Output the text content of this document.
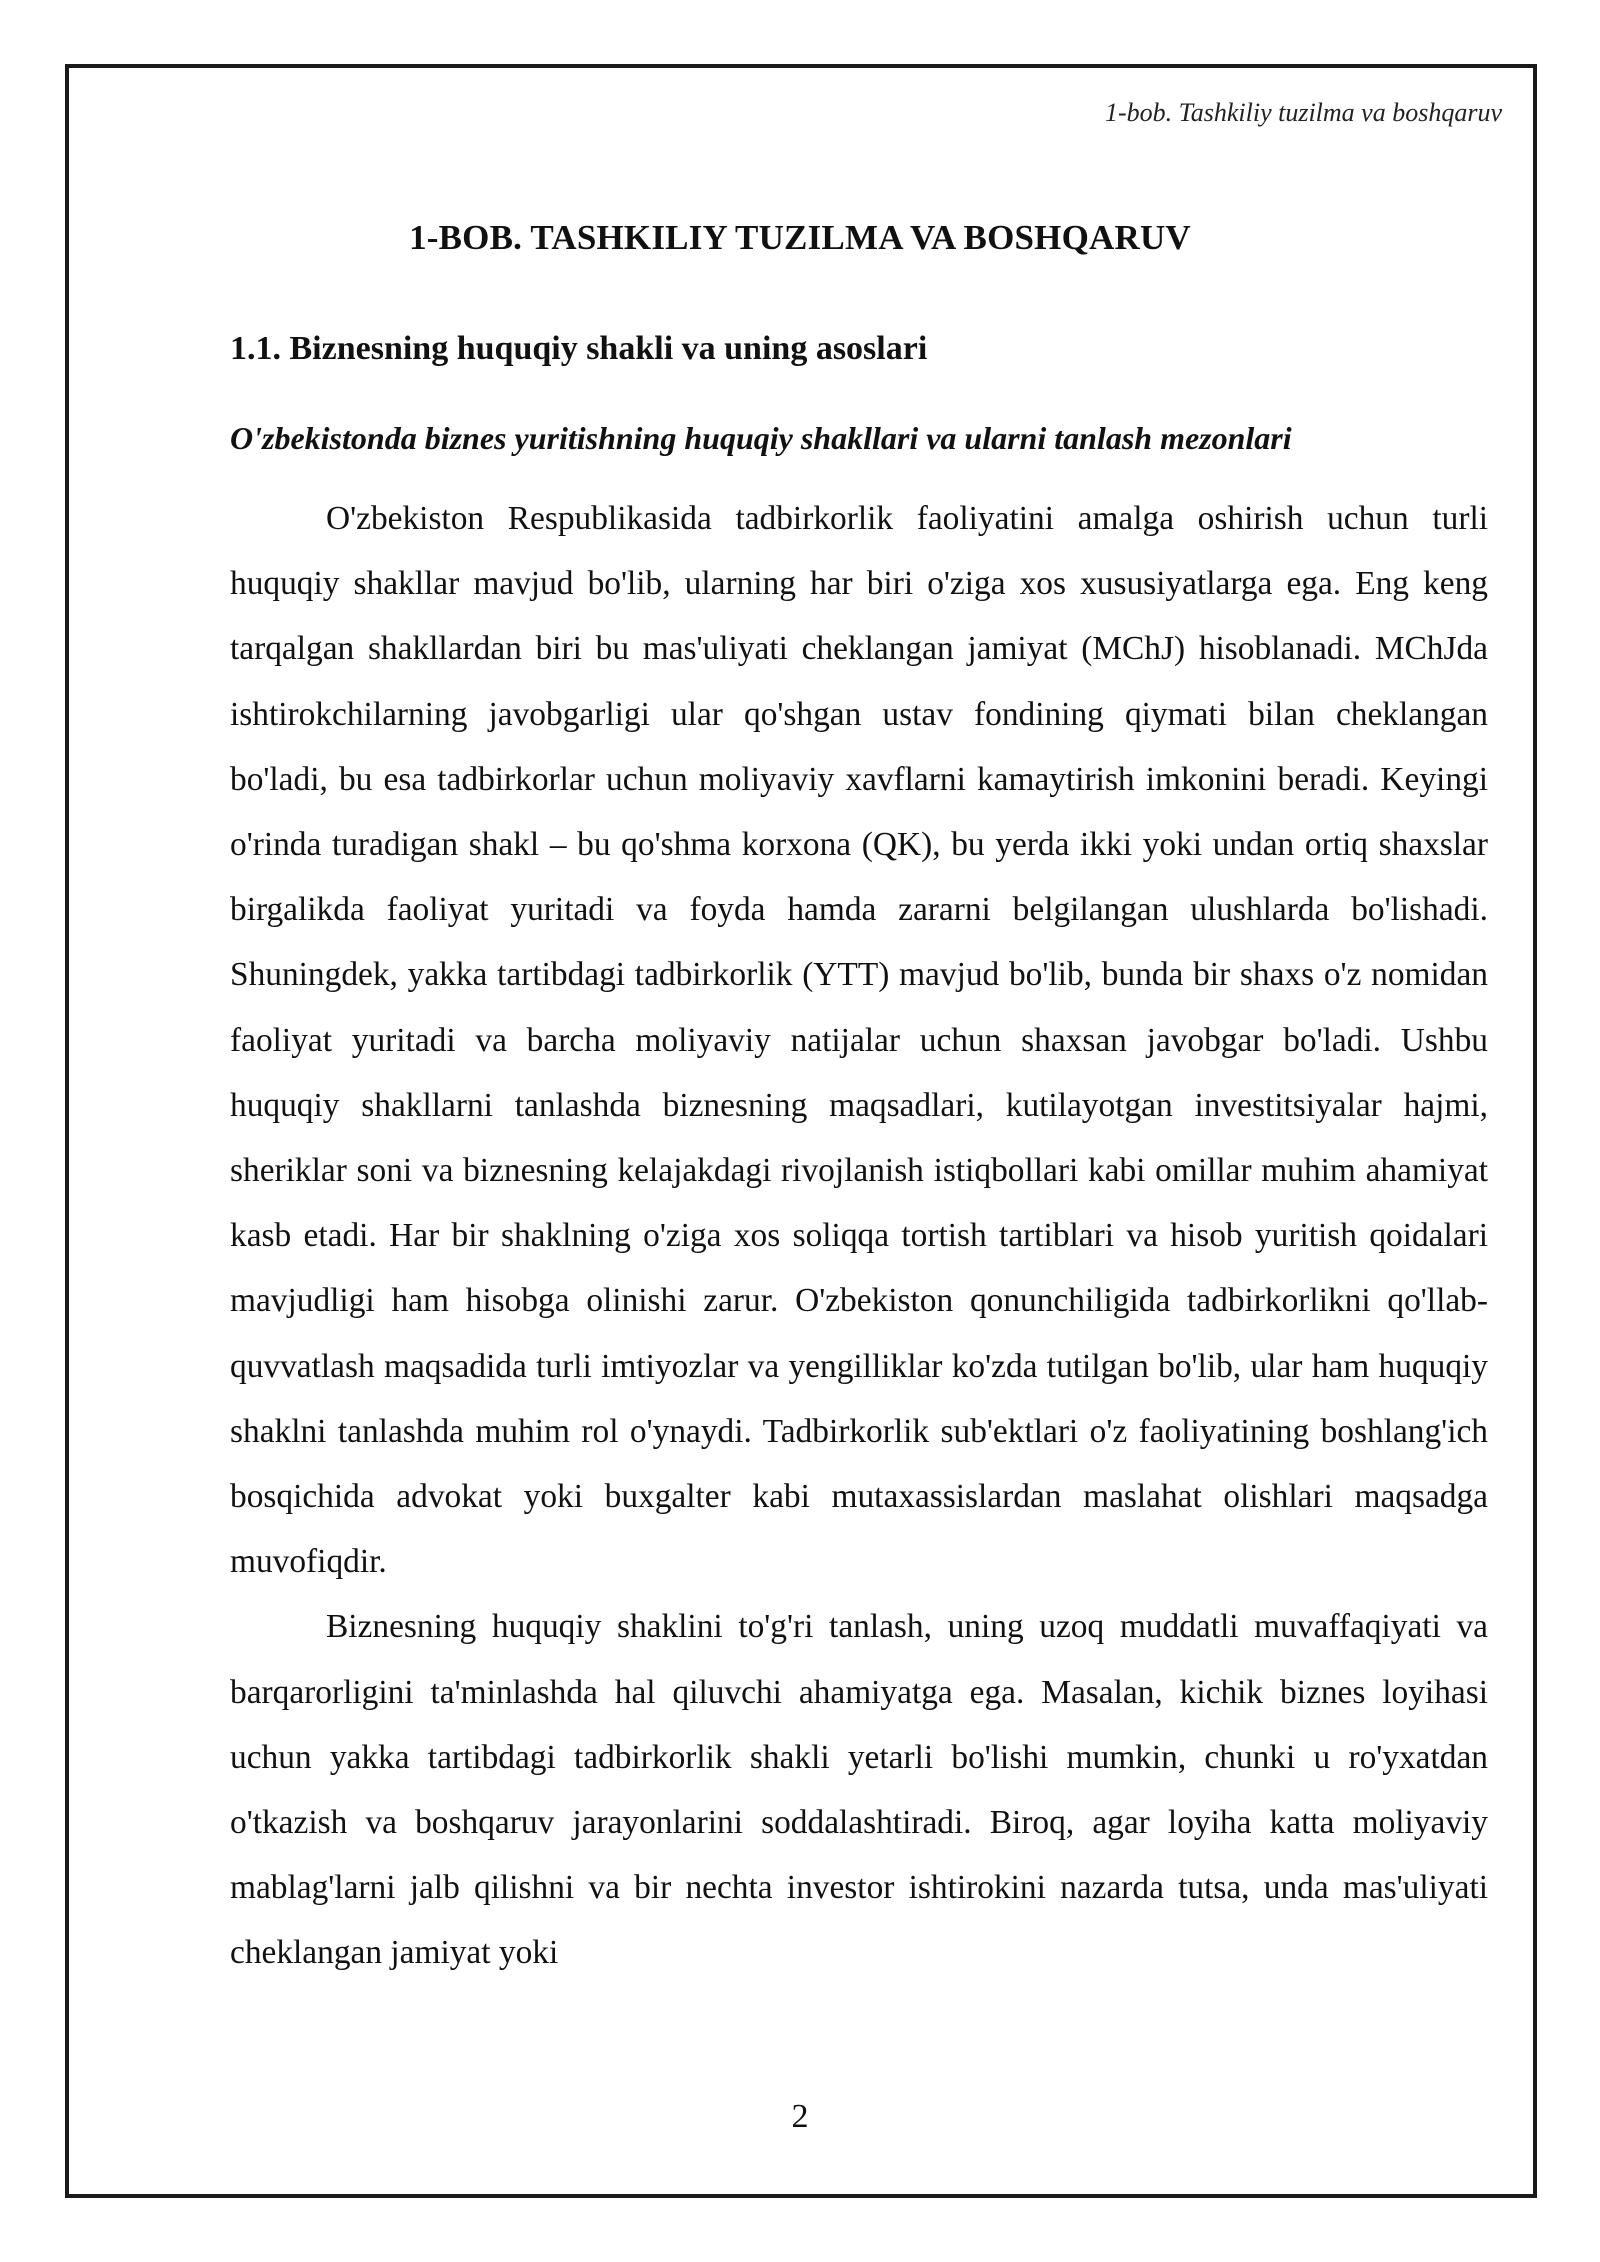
1-bob. Tashkiliy tuzilma va boshqaruv
1-BOB. TASHKILIY TUZILMA VA BOSHQARUV
1.1. Biznesning huquqiy shakli va uning asoslari
O'zbekistonda biznes yuritishning huquqiy shakllari va ularni tanlash mezonlari

O'zbekiston Respublikasida tadbirkorlik faoliyatini amalga oshirish uchun turli huquqiy shakllar mavjud bo'lib, ularning har biri o'ziga xos xususiyatlarga ega. Eng keng tarqalgan shakllardan biri bu mas'uliyati cheklangan jamiyat (MChJ) hisoblanadi. MChJda ishtirokchilarning javobgarligi ular qo'shgan ustav fondining qiymati bilan cheklangan bo'ladi, bu esa tadbirkorlar uchun moliyaviy xavflarni kamaytirish imkonini beradi. Keyingi o'rinda turadigan shakl – bu qo'shma korxona (QK), bu yerda ikki yoki undan ortiq shaxslar birgalikda faoliyat yuritadi va foyda hamda zararni belgilangan ulushlarda bo'lishadi. Shuningdek, yakka tartibdagi tadbirkorlik (YTT) mavjud bo'lib, bunda bir shaxs o'z nomidan faoliyat yuritadi va barcha moliyaviy natijalar uchun shaxsan javobgar bo'ladi. Ushbu huquqiy shakllarni tanlashda biznesning maqsadlari, kutilayotgan investitsiyalar hajmi, sheriklar soni va biznesning kelajakdagi rivojlanish istiqbollari kabi omillar muhim ahamiyat kasb etadi. Har bir shaklning o'ziga xos soliqqa tortish tartiblari va hisob yuritish qoidalari mavjudligi ham hisobga olinishi zarur. O'zbekiston qonunchiligida tadbirkorlikni qo'llab-quvvatlash maqsadida turli imtiyozlar va yengilliklar ko'zda tutilgan bo'lib, ular ham huquqiy shaklni tanlashda muhim rol o'ynaydi. Tadbirkorlik sub'ektlari o'z faoliyatining boshlang'ich bosqichida advokat yoki buxgalter kabi mutaxassislardan maslahat olishlari maqsadga muvofiqdir.

Biznesning huquqiy shaklini to'g'ri tanlash, uning uzoq muddatli muvaffaqiyati va barqarorligini ta'minlashda hal qiluvchi ahamiyatga ega. Masalan, kichik biznes loyihasi uchun yakka tartibdagi tadbirkorlik shakli yetarli bo'lishi mumkin, chunki u ro'yxatdan o'tkazish va boshqaruv jarayonlarini soddalashtiradi. Biroq, agar loyiha katta moliyaviy mablag'larni jalb qilishni va bir nechta investor ishtirokini nazarda tutsa, unda mas'uliyati cheklangan jamiyat yoki

2
